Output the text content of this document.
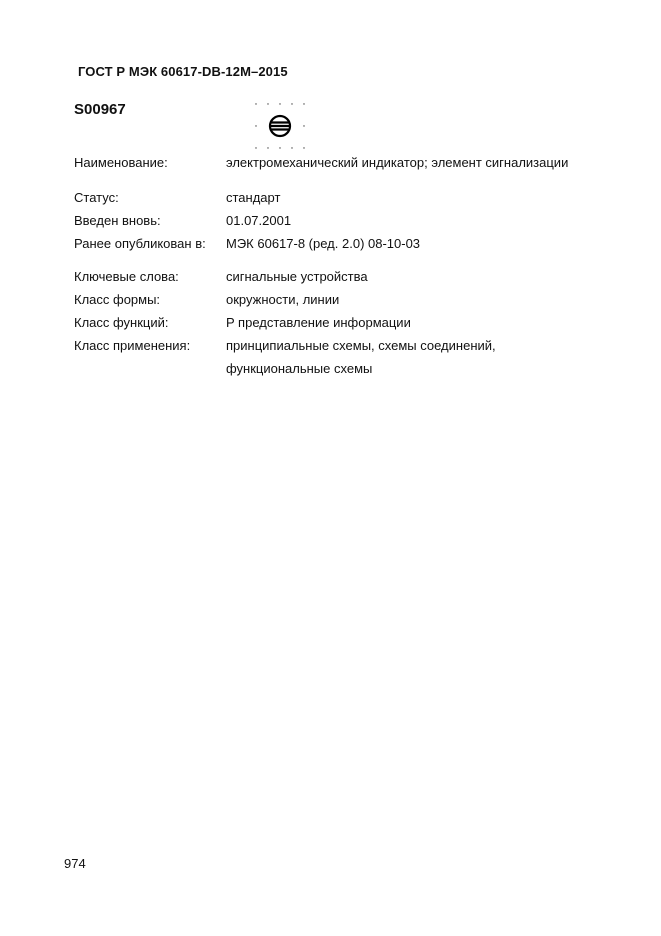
ГОСТ Р МЭК 60617-DB-12M–2015
S00967
Наименование:	электромеханический индикатор; элемент сигнализации
Статус:	стандарт
Введен вновь:	01.07.2001
Ранее опубликован в: МЭК 60617-8 (ред. 2.0) 08-10-03
Ключевые слова:	сигнальные устройства
Класс формы:	окружности, линии
Класс функций:	P представление информации
Класс применения:	принципиальные схемы, схемы соединений,
функциональные схемы
974
